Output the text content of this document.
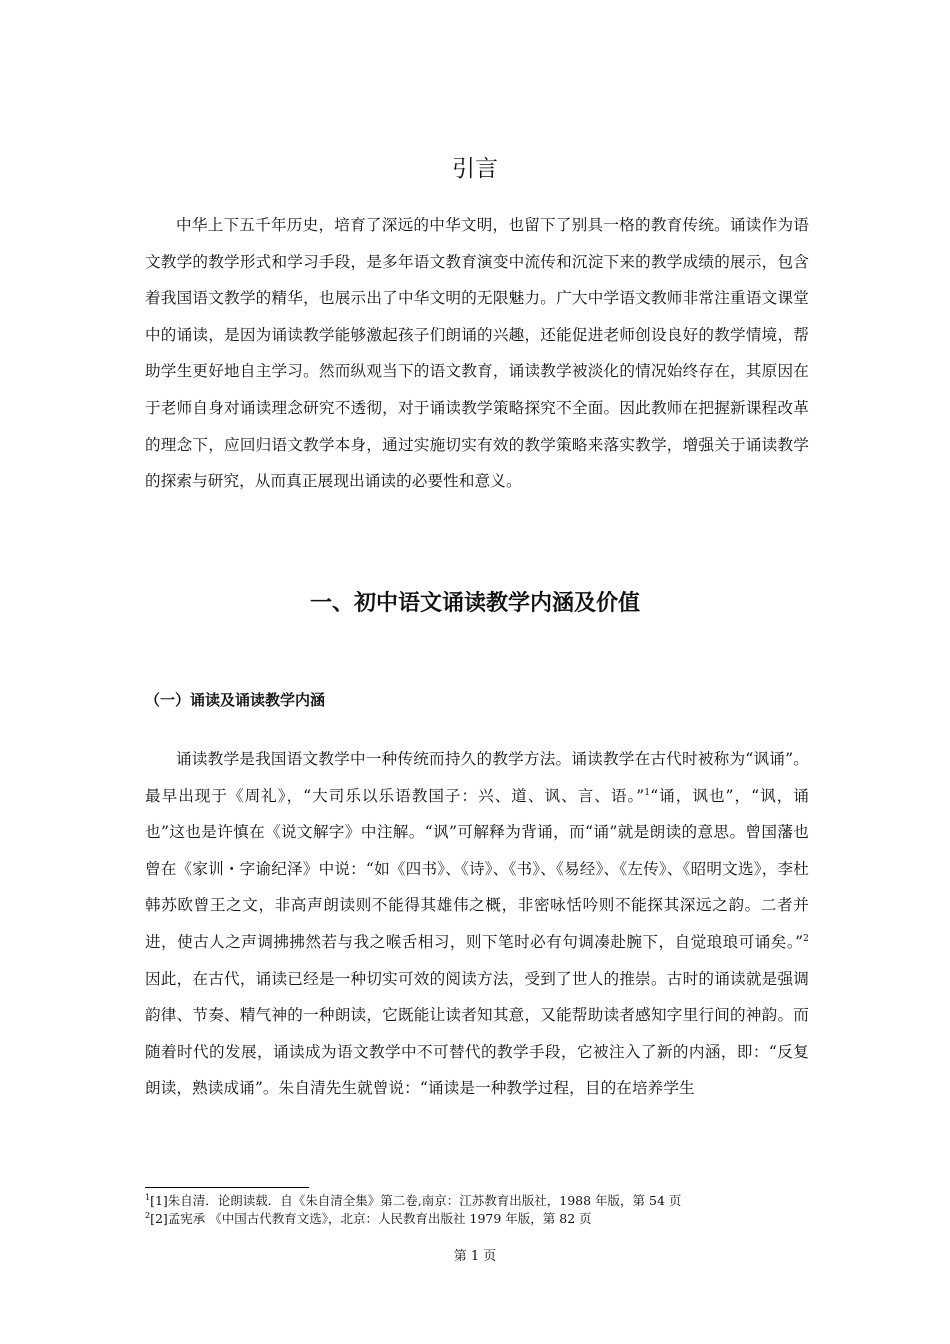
引言

中华上下五千年历史，培育了深远的中华文明，也留下了别具一格的教育传统。诵读作为语文教学的教学形式和学习手段，是多年语文教育演变中流传和沉淀下来的教学成绩的展示，包含着我国语文教学的精华，也展示出了中华文明的无限魅力。广大中学语文教师非常注重语文课堂中的诵读，是因为诵读教学能够激起孩子们朗诵的兴趣，还能促进老师创设良好的教学情境，帮助学生更好地自主学习。然而纵观当下的语文教育，诵读教学被淡化的情况始终存在，其原因在于老师自身对诵读理念研究不透彻，对于诵读教学策略探究不全面。因此教师在把握新课程改革的理念下，应回归语文教学本身，通过实施切实有效的教学策略来落实教学，增强关于诵读教学的探索与研究，从而真正展现出诵读的必要性和意义。

一、初中语文诵读教学内涵及价值
（一）诵读及诵读教学内涵

诵读教学是我国语文教学中一种传统而持久的教学方法。诵读教学在古代时被称为“讽诵”。最早出现于《周礼》，“大司乐以乐语教国子：兴、道、讽、言、语。”$^1$“诵，讽也”，“讽，诵也”这也是许慎在《说文解字》中注解。“讽”可解释为背诵，而“诵”就是朗读的意思。曾国藩也曾在《家训・字谕纪泽》中说：“如《四书》、《诗》、《书》、《易经》、《左传》、《昭明文选》，李杜韩苏欧曾王之文，非高声朗读则不能得其雄伟之概，非密咏恬吟则不能探其深远之韵。二者并进，使古人之声调拂拂然若与我之喉舌相习，则下笔时必有句调凑赴腕下，自觉琅琅可诵矣。”$^2$因此，在古代，诵读已经是一种切实可效的阅读方法，受到了世人的推崇。古时的诵读就是强调韵律、节奏、精气神的一种朗读，它既能让读者知其意，又能帮助读者感知字里行间的神韵。而随着时代的发展，诵读成为语文教学中不可替代的教学手段，它被注入了新的内涵，即：“反复朗读，熟读成诵”。朱自清先生就曾说：“诵读是一种教学过程，目的在培养学生

$^1$[1]朱自清．论朗读载．自《朱自清全集》第二卷,南京：江苏教育出版社，1988 年版，第 54 页

$^2$[2]孟宪承 《中国古代教育文选》，北京：人民教育出版社 1979 年版，第 82 页

第 1 页
